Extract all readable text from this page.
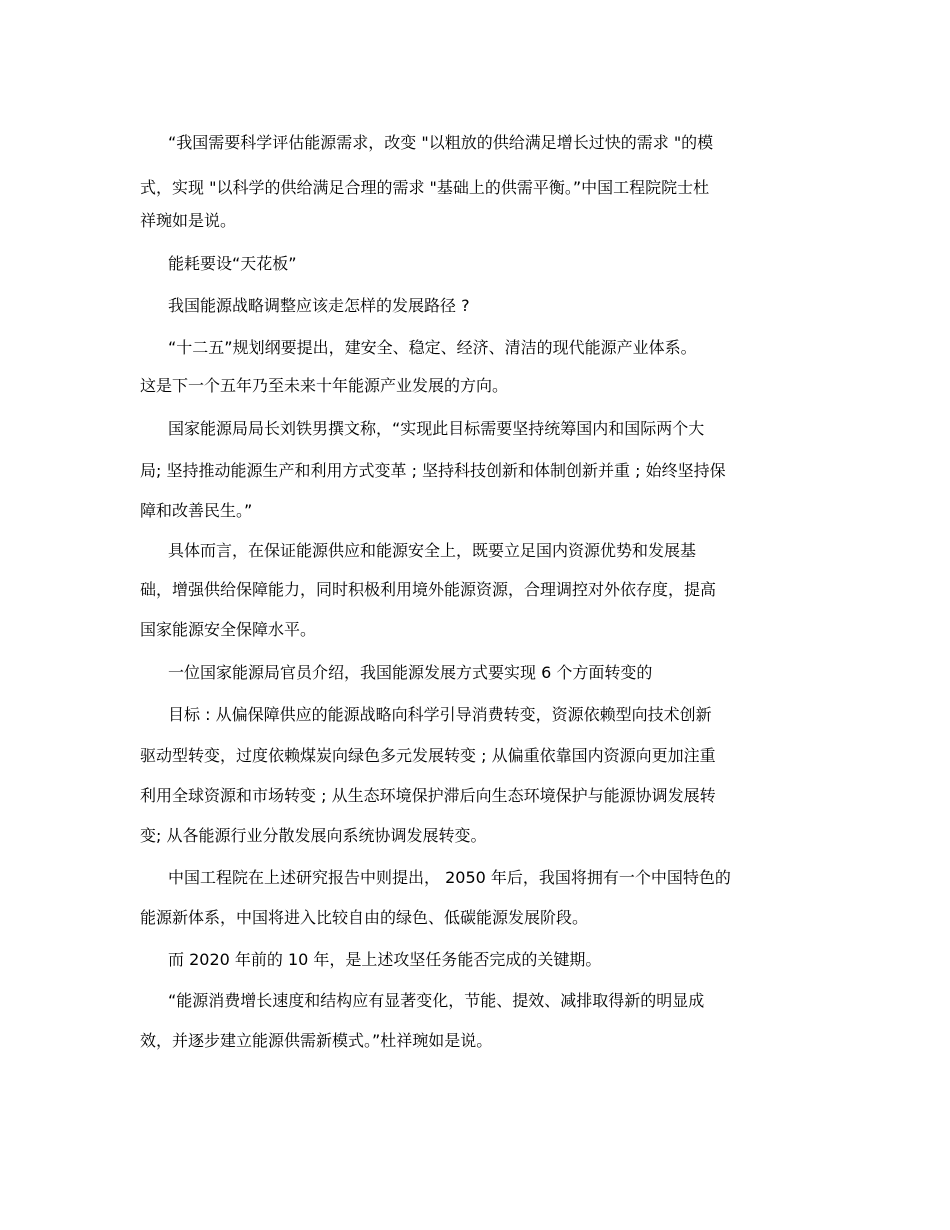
“我国需要科学评估能源需求，改变 "以粗放的供给满足增长过快的需求 "的模
式，实现 "以科学的供给满足合理的需求 "基础上的供需平衡。”中国工程院院士杜
祥琬如是说。
能耗要设“天花板”
我国能源战略调整应该走怎样的发展路径 ?
“十二五”规划纲要提出，建安全、稳定、经济、清洁的现代能源产业体系。
这是下一个五年乃至未来十年能源产业发展的方向。
国家能源局局长刘铁男撰文称，“实现此目标需要坚持统筹国内和国际两个大
局; 坚持推动能源生产和利用方式变革 ; 坚持科技创新和体制创新并重 ; 始终坚持保
障和改善民生。”
具体而言，在保证能源供应和能源安全上，既要立足国内资源优势和发展基
础，增强供给保障能力，同时积极利用境外能源资源，合理调控对外依存度，提高
国家能源安全保障水平。
一位国家能源局官员介绍，我国能源发展方式要实现 6 个方面转变的
目标 : 从偏保障供应的能源战略向科学引导消费转变，资源依赖型向技术创新
驱动型转变，过度依赖煤炭向绿色多元发展转变 ; 从偏重依靠国内资源向更加注重
利用全球资源和市场转变 ; 从生态环境保护滞后向生态环境保护与能源协调发展转
变; 从各能源行业分散发展向系统协调发展转变。
中国工程院在上述研究报告中则提出， 2050 年后，我国将拥有一个中国特色的
能源新体系，中国将进入比较自由的绿色、低碳能源发展阶段。
而 2020 年前的 10 年，是上述攻坚任务能否完成的关键期。
“能源消费增长速度和结构应有显著变化，节能、提效、减排取得新的明显成
效，并逐步建立能源供需新模式。”杜祥琬如是说。
